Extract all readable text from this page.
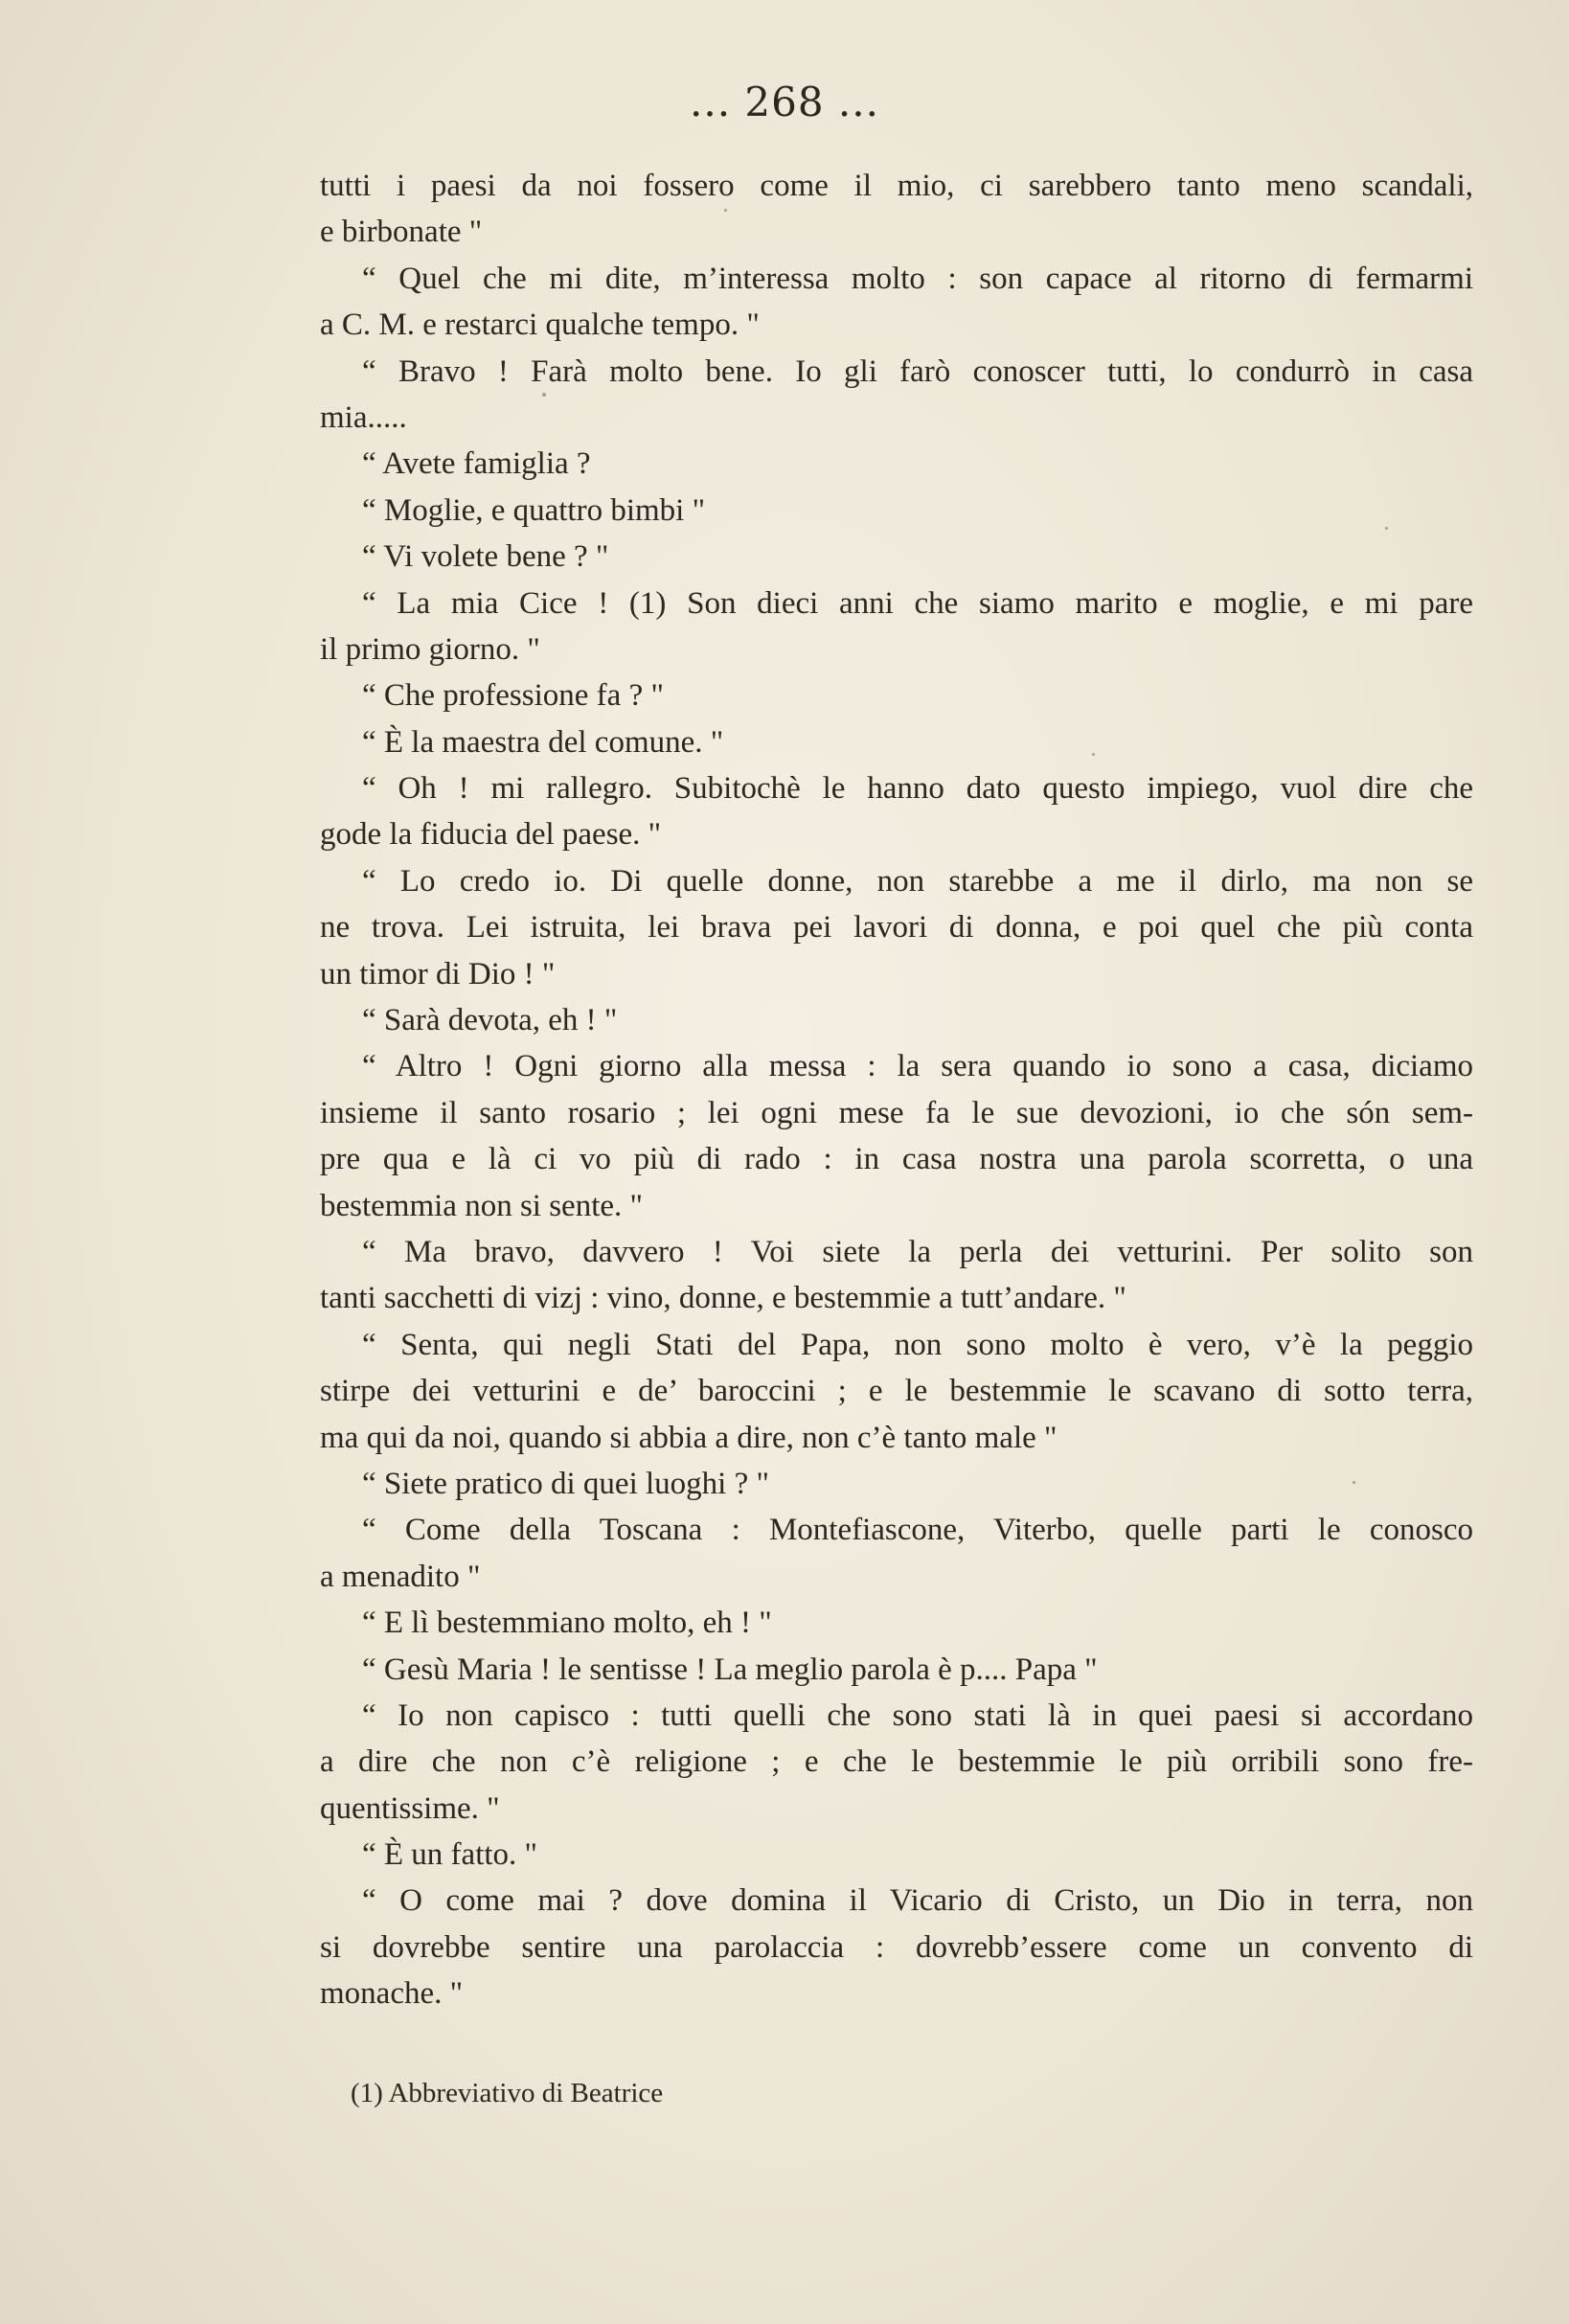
... 268 ...
tutti i paesi da noi fossero come il mio, ci sarebbero tanto meno scandali,
e birbonate "
“ Quel che mi dite, m’interessa molto : son capace al ritorno di fermarmi
a C. M. e restarci qualche tempo. "
“ Bravo ! Farà molto bene. Io gli farò conoscer tutti, lo condurrò in casa
mia.....
“ Avete famiglia ?
“ Moglie, e quattro bimbi "
“ Vi volete bene ? "
“ La mia Cice ! (1) Son dieci anni che siamo marito e moglie, e mi pare
il primo giorno. "
“ Che professione fa ? "
“ È la maestra del comune. "
“ Oh ! mi rallegro. Subitochè le hanno dato questo impiego, vuol dire che
gode la fiducia del paese. "
“ Lo credo io. Di quelle donne, non starebbe a me il dirlo, ma non se
ne trova. Lei istruita, lei brava pei lavori di donna, e poi quel che più conta
un timor di Dio ! "
“ Sarà devota, eh ! "
“ Altro ! Ogni giorno alla messa : la sera quando io sono a casa, diciamo
insieme il santo rosario ; lei ogni mese fa le sue devozioni, io che són sem-
pre qua e là ci vo più di rado : in casa nostra una parola scorretta, o una
bestemmia non si sente. "
“ Ma bravo, davvero ! Voi siete la perla dei vetturini. Per solito son
tanti sacchetti di vizj : vino, donne, e bestemmie a tutt’andare. "
“ Senta, qui negli Stati del Papa, non sono molto è vero, v’è la peggio
stirpe dei vetturini e de’ baroccini ; e le bestemmie le scavano di sotto terra,
ma qui da noi, quando si abbia a dire, non c’è tanto male "
“ Siete pratico di quei luoghi ? "
“ Come della Toscana : Montefiascone, Viterbo, quelle parti le conosco
a menadito "
“ E lì bestemmiano molto, eh ! "
“ Gesù Maria ! le sentisse ! La meglio parola è p.... Papa "
“ Io non capisco : tutti quelli che sono stati là in quei paesi si accordano
a dire che non c’è religione ; e che le bestemmie le più orribili sono fre-
quentissime. "
“ È un fatto. "
“ O come mai ? dove domina il Vicario di Cristo, un Dio in terra, non
si dovrebbe sentire una parolaccia : dovrebb’essere come un convento di
monache. "
(1) Abbreviativo di Beatrice
